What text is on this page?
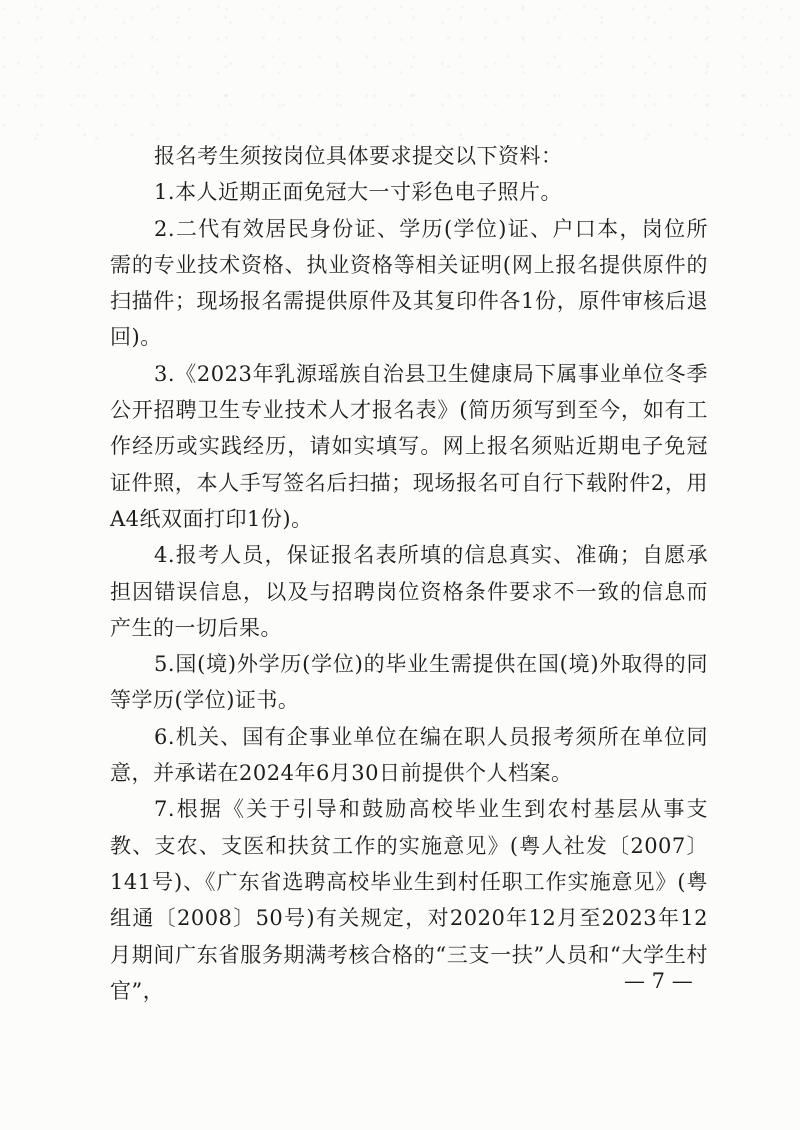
报名考生须按岗位具体要求提交以下资料：

1.本人近期正面免冠大一寸彩色电子照片。

2.二代有效居民身份证、学历(学位)证、户口本，岗位所需的专业技术资格、执业资格等相关证明(网上报名提供原件的扫描件；现场报名需提供原件及其复印件各1份，原件审核后退回)。

3.《2023年乳源瑶族自治县卫生健康局下属事业单位冬季公开招聘卫生专业技术人才报名表》(简历须写到至今，如有工作经历或实践经历，请如实填写。网上报名须贴近期电子免冠证件照，本人手写签名后扫描；现场报名可自行下载附件2，用A4纸双面打印1份)。

4.报考人员，保证报名表所填的信息真实、准确；自愿承担因错误信息，以及与招聘岗位资格条件要求不一致的信息而产生的一切后果。

5.国(境)外学历(学位)的毕业生需提供在国(境)外取得的同等学历(学位)证书。

6.机关、国有企事业单位在编在职人员报考须所在单位同意，并承诺在2024年6月30日前提供个人档案。

7.根据《关于引导和鼓励高校毕业生到农村基层从事支教、支农、支医和扶贫工作的实施意见》(粤人社发〔2007〕141号)、《广东省选聘高校毕业生到村任职工作实施意见》(粤组通〔2008〕50号)有关规定，对2020年12月至2023年12月期间广东省服务期满考核合格的“三支一扶”人员和“大学生村官”，	— 7 —
